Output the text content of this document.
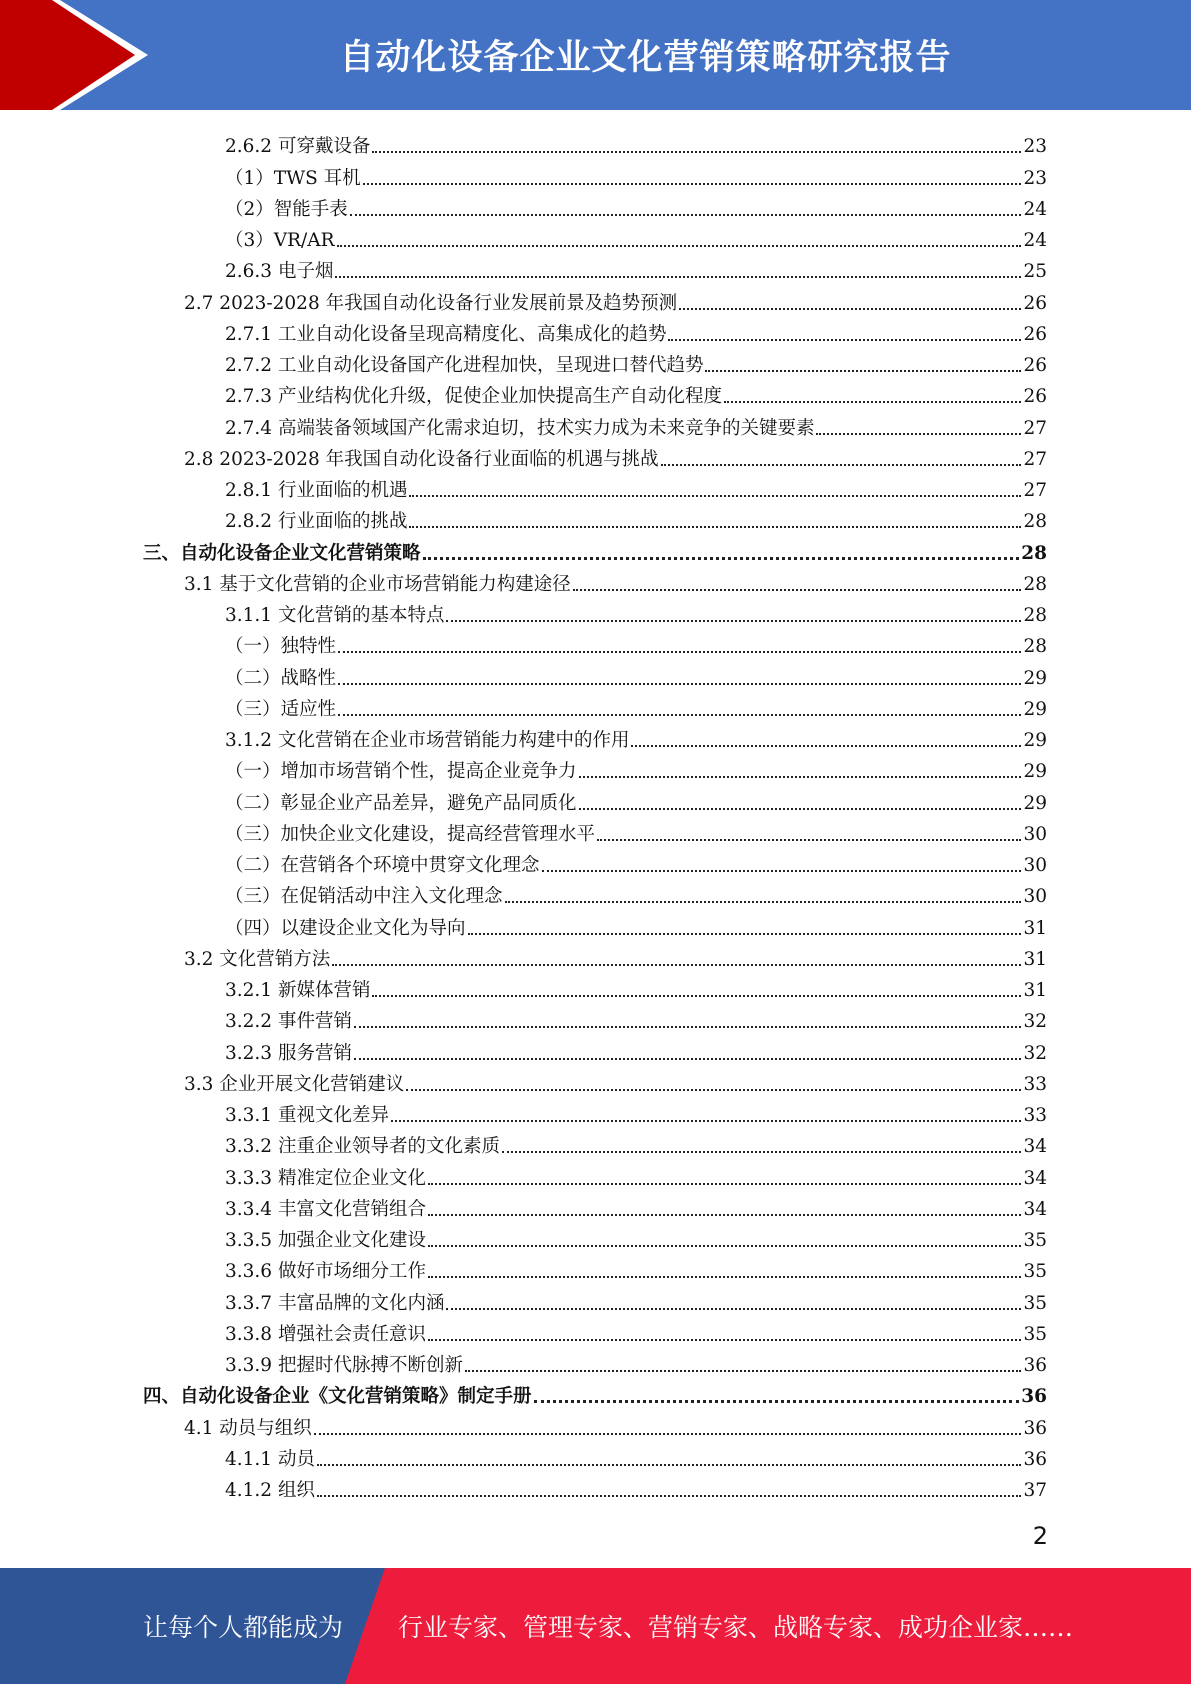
自动化设备企业文化营销策略研究报告
2.6.2 可穿戴设备	23
（1）TWS 耳机	23
（2）智能手表	24
（3）VR/AR	24
2.6.3 电子烟	25
2.7 2023-2028 年我国自动化设备行业发展前景及趋势预测	26
2.7.1 工业自动化设备呈现高精度化、高集成化的趋势	26
2.7.2 工业自动化设备国产化进程加快，呈现进口替代趋势	26
2.7.3 产业结构优化升级，促使企业加快提高生产自动化程度	26
2.7.4 高端装备领域国产化需求迫切，技术实力成为未来竞争的关键要素	27
2.8 2023-2028 年我国自动化设备行业面临的机遇与挑战	27
2.8.1 行业面临的机遇	27
2.8.2 行业面临的挑战	28
三、自动化设备企业文化营销策略	28
3.1 基于文化营销的企业市场营销能力构建途径	28
3.1.1 文化营销的基本特点	28
（一）独特性	28
（二）战略性	29
（三）适应性	29
3.1.2 文化营销在企业市场营销能力构建中的作用	29
（一）增加市场营销个性，提高企业竞争力	29
（二）彰显企业产品差异，避免产品同质化	29
（三）加快企业文化建设，提高经营管理水平	30
（二）在营销各个环境中贯穿文化理念	30
（三）在促销活动中注入文化理念	30
（四）以建设企业文化为导向	31
3.2 文化营销方法	31
3.2.1 新媒体营销	31
3.2.2 事件营销	32
3.2.3 服务营销	32
3.3 企业开展文化营销建议	33
3.3.1 重视文化差异	33
3.3.2 注重企业领导者的文化素质	34
3.3.3 精准定位企业文化	34
3.3.4 丰富文化营销组合	34
3.3.5 加强企业文化建设	35
3.3.6 做好市场细分工作	35
3.3.7 丰富品牌的文化内涵	35
3.3.8 增强社会责任意识	35
3.3.9 把握时代脉搏不断创新	36
四、自动化设备企业《文化营销策略》制定手册	36
4.1 动员与组织	36
4.1.1 动员	36
4.1.2 组织	37
2
让每个人都能成为 行业专家、管理专家、营销专家、战略专家、成功企业家……
